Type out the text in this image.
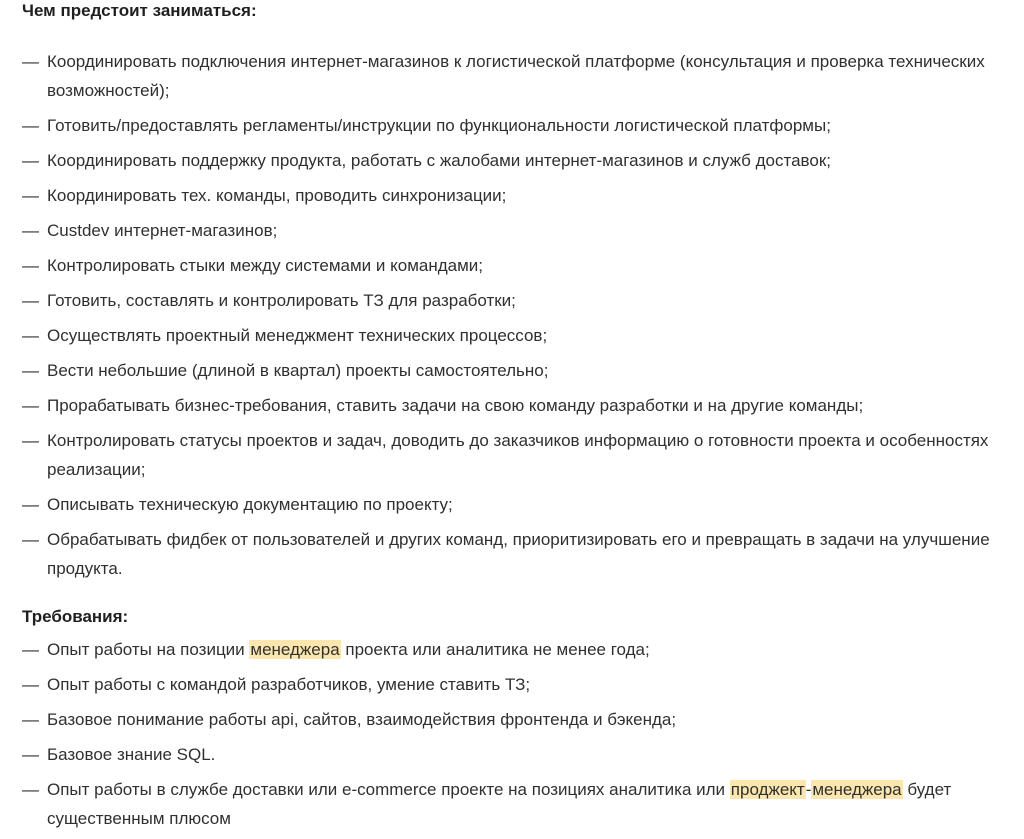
Чем предстоит заниматься:

— Координировать подключения интернет-магазинов к логистической платформе (консультация и проверка технических возможностей);
— Готовить/предоставлять регламенты/инструкции по функциональности логистической платформы;
— Координировать поддержку продукта, работать с жалобами интернет-магазинов и служб доставок;
— Координировать тех. команды, проводить синхронизации;
— Custdev интернет-магазинов;
— Контролировать стыки между системами и командами;
— Готовить, составлять и контролировать ТЗ для разработки;
— Осуществлять проектный менеджмент технических процессов;
— Вести небольшие (длиной в квартал) проекты самостоятельно;
— Прорабатывать бизнес-требования, ставить задачи на свою команду разработки и на другие команды;
— Контролировать статусы проектов и задач, доводить до заказчиков информацию о готовности проекта и особенностях реализации;
— Описывать техническую документацию по проекту;
— Обрабатывать фидбек от пользователей и других команд, приоритизировать его и превращать в задачи на улучшение продукта.

Требования:

— Опыт работы на позиции менеджера проекта или аналитика не менее года;
— Опыт работы с командой разработчиков, умение ставить ТЗ;
— Базовое понимание работы api, сайтов, взаимодействия фронтенда и бэкенда;
— Базовое знание SQL.
— Опыт работы в службе доставки или e-commerce проекте на позициях аналитика или проджект-менеджера будет существенным плюсом
